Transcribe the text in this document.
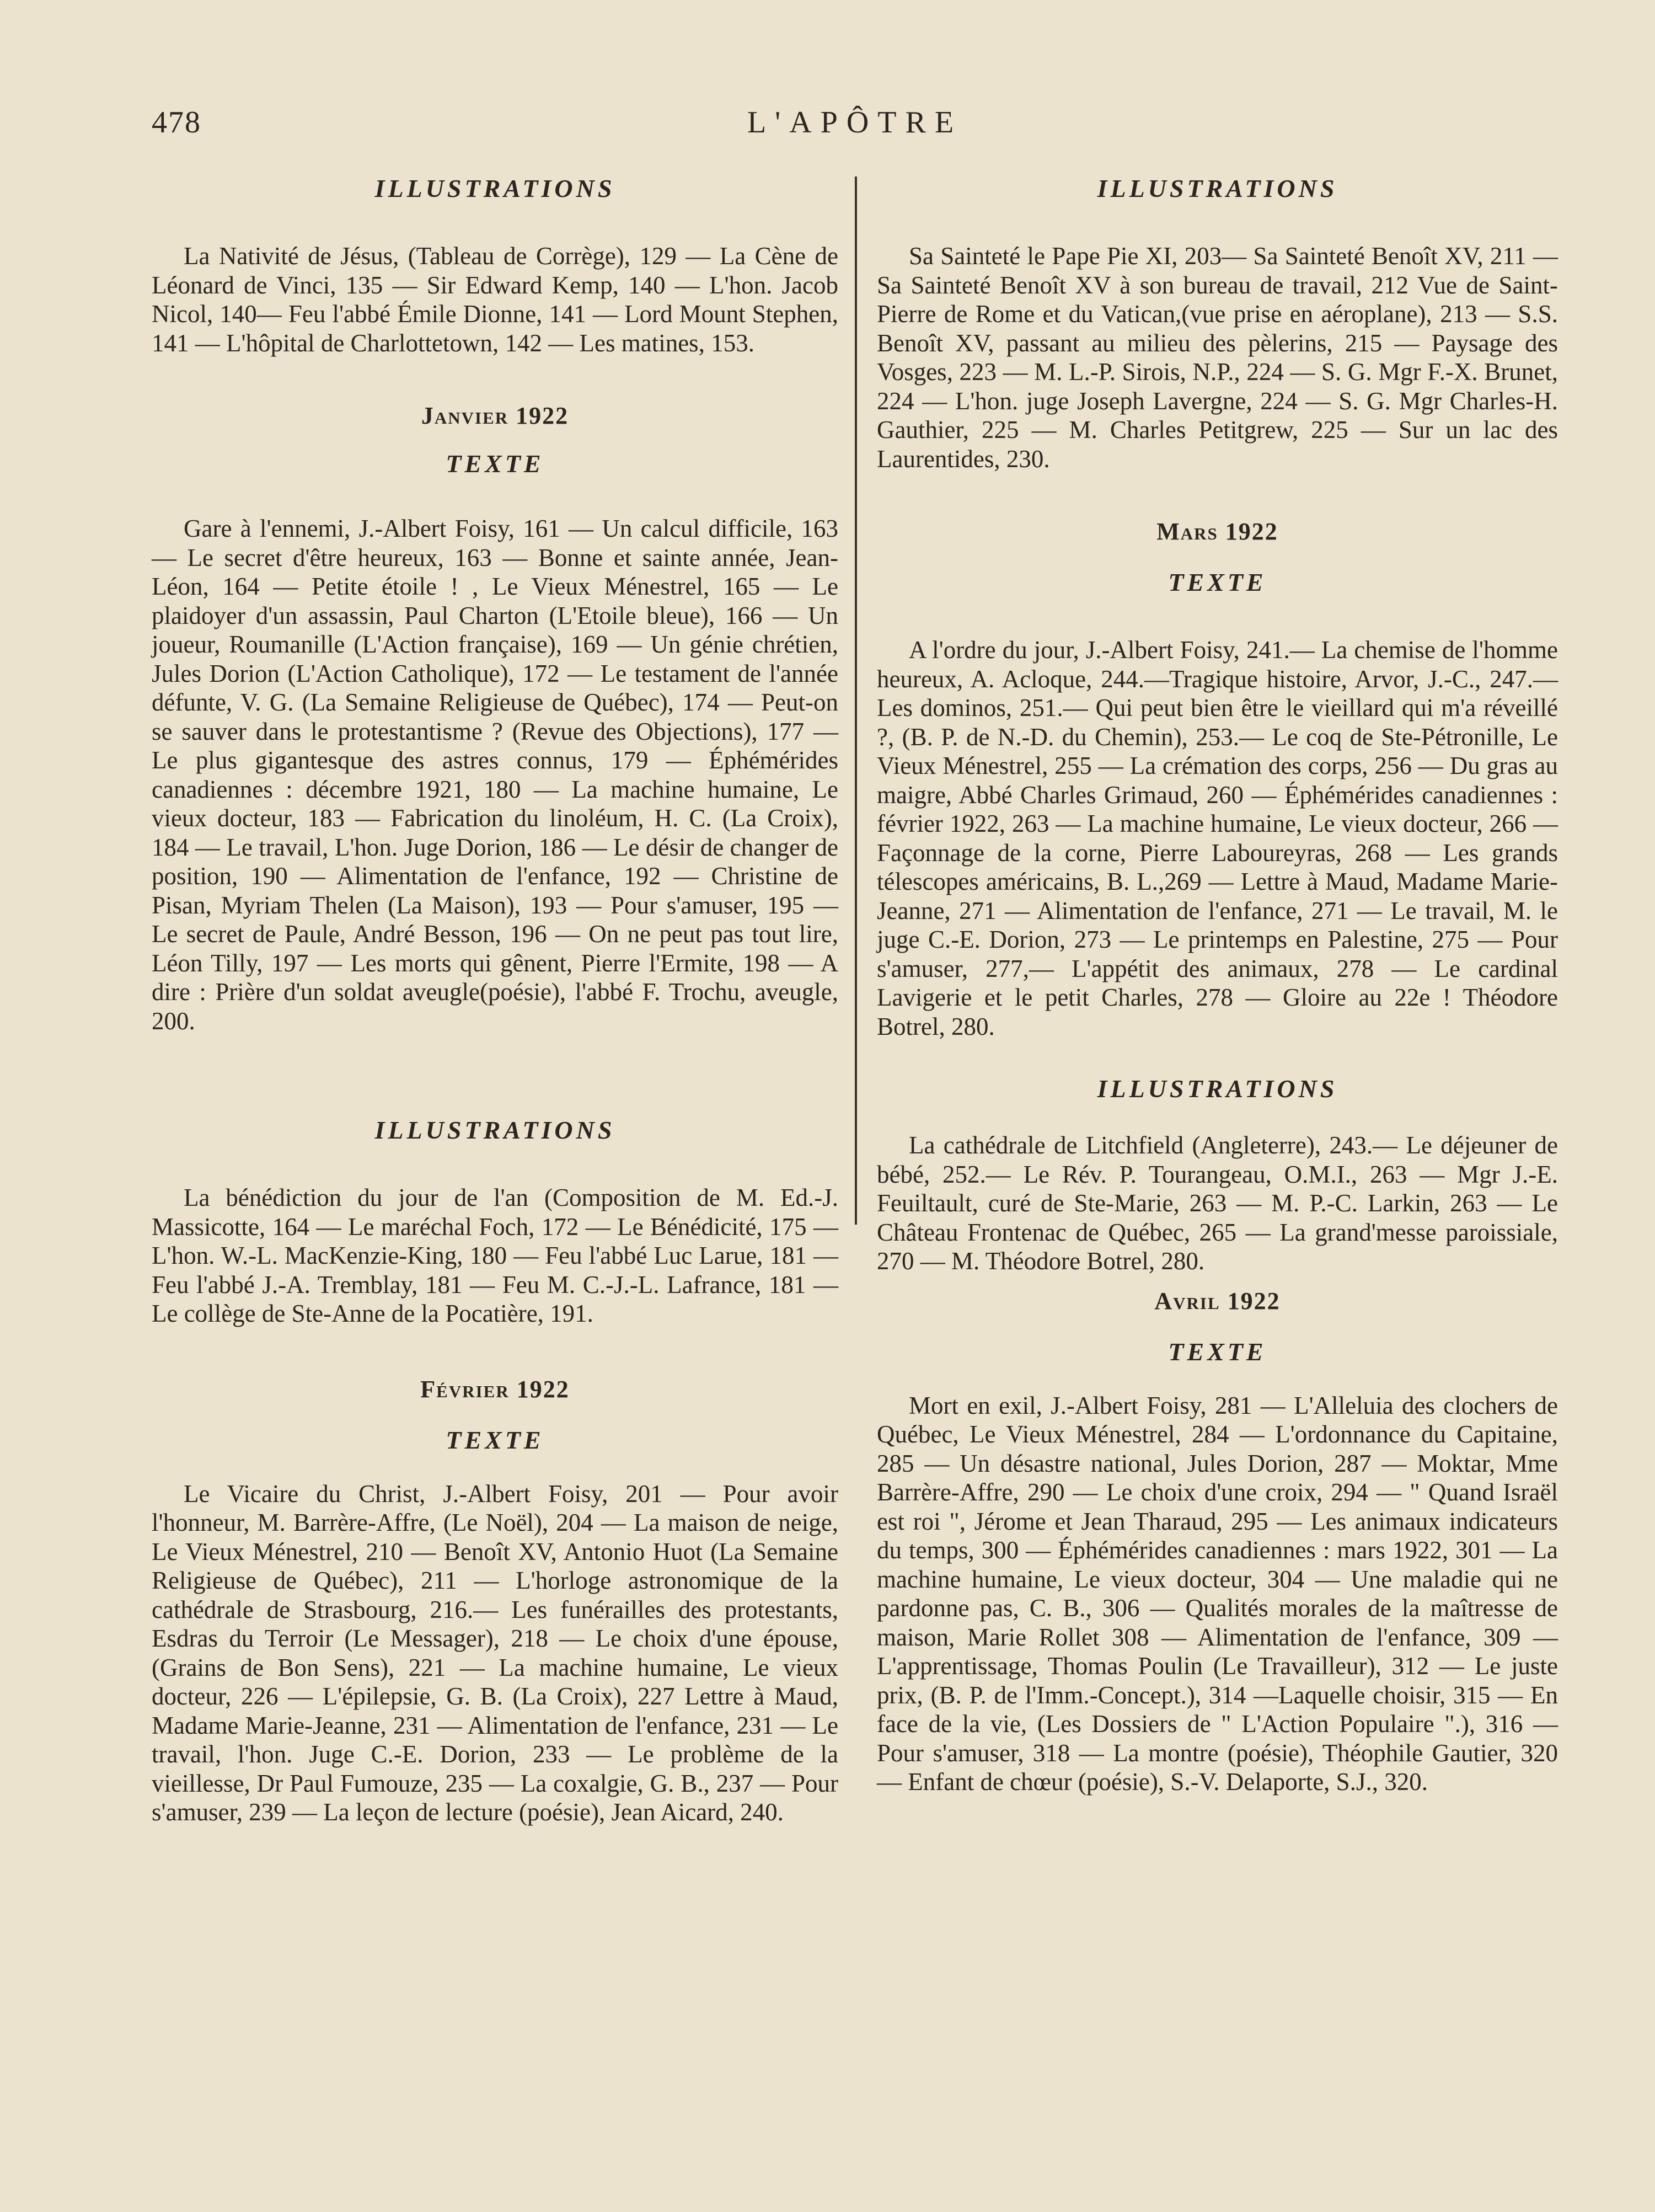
478	L'APÔTRE
ILLUSTRATIONS

La Nativité de Jésus, (Tableau de Corrège), 129 — La Cène de Léonard de Vinci, 135 — Sir Edward Kemp, 140 — L'hon. Jacob Nicol, 140— Feu l'abbé Émile Dionne, 141 — Lord Mount Stephen, 141 — L'hôpital de Charlottetown, 142 — Les matines, 153.

Janvier 1922
TEXTE

Gare à l'ennemi, J.-Albert Foisy, 161 — Un calcul difficile, 163 — Le secret d'être heureux, 163 — Bonne et sainte année, Jean-Léon, 164 — Petite étoile ! , Le Vieux Ménestrel, 165 — Le plaidoyer d'un assassin, Paul Charton (L'Etoile bleue), 166 — Un joueur, Roumanille (L'Action française), 169 — Un génie chrétien, Jules Dorion (L'Action Catholique), 172 — Le testament de l'année défunte, V. G. (La Semaine Religieuse de Québec), 174 — Peut-on se sauver dans le protestantisme ? (Revue des Objections), 177 — Le plus gigantesque des astres connus, 179 — Éphémérides canadiennes : décembre 1921, 180 — La machine humaine, Le vieux docteur, 183 — Fabrication du linoléum, H. C. (La Croix), 184 — Le travail, L'hon. Juge Dorion, 186 — Le désir de changer de position, 190 — Alimentation de l'enfance, 192 — Christine de Pisan, Myriam Thelen (La Maison), 193 — Pour s'amuser, 195 — Le secret de Paule, André Besson, 196 — On ne peut pas tout lire, Léon Tilly, 197 — Les morts qui gênent, Pierre l'Ermite, 198 — A dire : Prière d'un soldat aveugle(poésie), l'abbé F. Trochu, aveugle, 200.

ILLUSTRATIONS

La bénédiction du jour de l'an (Composition de M. Ed.-J. Massicotte, 164 — Le maréchal Foch, 172 — Le Bénédicité, 175 — L'hon. W.-L. MacKenzie-King, 180 — Feu l'abbé Luc Larue, 181 — Feu l'abbé J.-A. Tremblay, 181 — Feu M. C.-J.-L. Lafrance, 181 — Le collège de Ste-Anne de la Pocatière, 191.

Février 1922
TEXTE

Le Vicaire du Christ, J.-Albert Foisy, 201 — Pour avoir l'honneur, M. Barrère-Affre, (Le Noël), 204 — La maison de neige, Le Vieux Ménestrel, 210 — Benoît XV, Antonio Huot (La Semaine Religieuse de Québec), 211 — L'horloge astronomique de la cathédrale de Strasbourg, 216.— Les funérailles des protestants, Esdras du Terroir (Le Messager), 218 — Le choix d'une épouse, (Grains de Bon Sens), 221 — La machine humaine, Le vieux docteur, 226 — L'épilepsie, G. B. (La Croix), 227 Lettre à Maud, Madame Marie-Jeanne, 231 — Alimentation de l'enfance, 231 — Le travail, l'hon. Juge C.-E. Dorion, 233 — Le problème de la vieillesse, Dr Paul Fumouze, 235 — La coxalgie, G. B., 237 — Pour s'amuser, 239 — La leçon de lecture (poésie), Jean Aicard, 240.

ILLUSTRATIONS

Sa Sainteté le Pape Pie XI, 203— Sa Sainteté Benoît XV, 211 — Sa Sainteté Benoît XV à son bureau de travail, 212 Vue de Saint-Pierre de Rome et du Vatican,(vue prise en aéroplane), 213 — S.S. Benoît XV, passant au milieu des pèlerins, 215 — Paysage des Vosges, 223 — M. L.-P. Sirois, N.P., 224 — S. G. Mgr F.-X. Brunet, 224 — L'hon. juge Joseph Lavergne, 224 — S. G. Mgr Charles-H. Gauthier, 225 — M. Charles Petitgrew, 225 — Sur un lac des Laurentides, 230.

Mars 1922
TEXTE

A l'ordre du jour, J.-Albert Foisy, 241.— La chemise de l'homme heureux, A. Acloque, 244.—Tragique histoire, Arvor, J.-C., 247.— Les dominos, 251.— Qui peut bien être le vieillard qui m'a réveillé ?, (B. P. de N.-D. du Chemin), 253.— Le coq de Ste-Pétronille, Le Vieux Ménestrel, 255 — La crémation des corps, 256 — Du gras au maigre, Abbé Charles Grimaud, 260 — Éphémérides canadiennes : février 1922, 263 — La machine humaine, Le vieux docteur, 266 — Façonnage de la corne, Pierre Laboureyras, 268 — Les grands télescopes américains, B. L.,269 — Lettre à Maud, Madame Marie-Jeanne, 271 — Alimentation de l'enfance, 271 — Le travail, M. le juge C.-E. Dorion, 273 — Le printemps en Palestine, 275 — Pour s'amuser, 277,— L'appétit des animaux, 278 — Le cardinal Lavigerie et le petit Charles, 278 — Gloire au 22e ! Théodore Botrel, 280.

ILLUSTRATIONS

La cathédrale de Litchfield (Angleterre), 243.— Le déjeuner de bébé, 252.— Le Rév. P. Tourangeau, O.M.I., 263 — Mgr J.-E. Feuiltault, curé de Ste-Marie, 263 — M. P.-C. Larkin, 263 — Le Château Frontenac de Québec, 265 — La grand'messe paroissiale, 270 — M. Théodore Botrel, 280.

Avril 1922
TEXTE

Mort en exil, J.-Albert Foisy, 281 — L'Alleluia des clochers de Québec, Le Vieux Ménestrel, 284 — L'ordonnance du Capitaine, 285 — Un désastre national, Jules Dorion, 287 — Moktar, Mme Barrère-Affre, 290 — Le choix d'une croix, 294 — " Quand Israël est roi ", Jérome et Jean Tharaud, 295 — Les animaux indicateurs du temps, 300 — Éphémérides canadiennes : mars 1922, 301 — La machine humaine, Le vieux docteur, 304 — Une maladie qui ne pardonne pas, C. B., 306 — Qualités morales de la maîtresse de maison, Marie Rollet 308 — Alimentation de l'enfance, 309 — L'apprentissage, Thomas Poulin (Le Travailleur), 312 — Le juste prix, (B. P. de l'Imm.-Concept.), 314 —Laquelle choisir, 315 — En face de la vie, (Les Dossiers de " L'Action Populaire ".), 316 — Pour s'amuser, 318 — La montre (poésie), Théophile Gautier, 320 — Enfant de chœur (poésie), S.-V. Delaporte, S.J., 320.
